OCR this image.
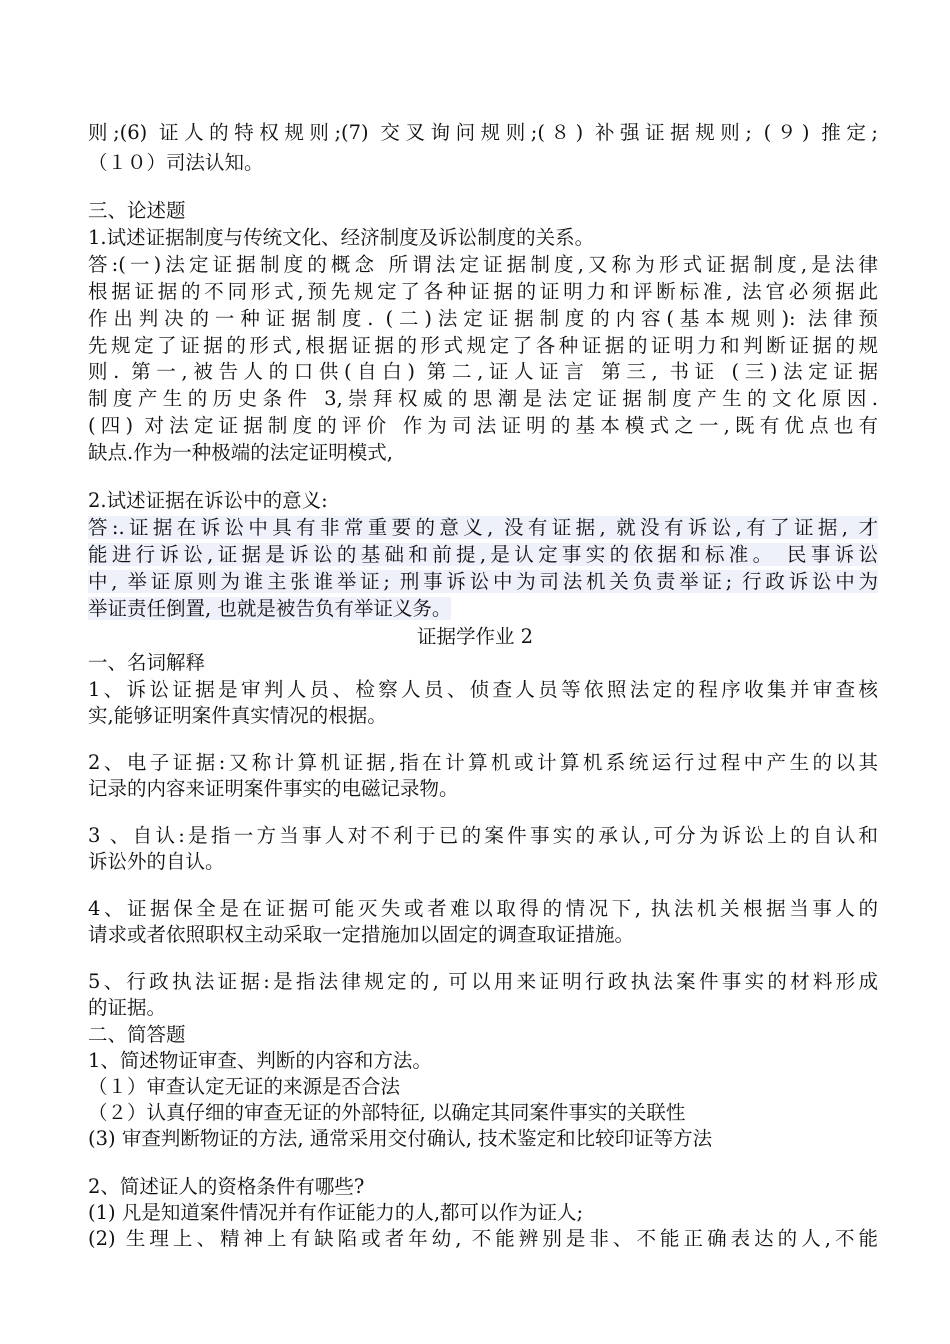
则;(6) 证人的特权规则;(7) 交叉询问规则;(８) 补强证据规则; (９) 推定;
（１０）司法认知。
三、论述题
1.试述证据制度与传统文化、经济制度及诉讼制度的关系。
答:(一)法定证据制度的概念 所谓法定证据制度,又称为形式证据制度,是法律
根据证据的不同形式,预先规定了各种证据的证明力和评断标准, 法官必须据此
作出判决的一种证据制度. (二)法定证据制度的内容(基本规则): 法律预
先规定了证据的形式,根据证据的形式规定了各种证据的证明力和判断证据的规
则. 第一,被告人的口供(自白) 第二,证人证言 第三, 书证 (三)法定证据
制度产生的历史条件 3,崇拜权威的思潮是法定证据制度产生的文化原因.
(四) 对法定证据制度的评价 作为司法证明的基本模式之一,既有优点也有
缺点.作为一种极端的法定证明模式,
2.试述证据在诉讼中的意义:
答:.证据在诉讼中具有非常重要的意义, 没有证据, 就没有诉讼,有了证据, 才
能进行诉讼,证据是诉讼的基础和前提,是认定事实的依据和标准。 民事诉讼
中, 举证原则为谁主张谁举证; 刑事诉讼中为司法机关负责举证; 行政诉讼中为
举证责任倒置, 也就是被告负有举证义务。
证据学作业 2
一、名词解释
1、诉讼证据是审判人员、检察人员、侦查人员等依照法定的程序收集并审查核
实,能够证明案件真实情况的根据。
2、电子证据:又称计算机证据,指在计算机或计算机系统运行过程中产生的以其
记录的内容来证明案件事实的电磁记录物。
3 、自认:是指一方当事人对不利于已的案件事实的承认,可分为诉讼上的自认和
诉讼外的自认。
4、证据保全是在证据可能灭失或者难以取得的情况下, 执法机关根据当事人的
请求或者依照职权主动采取一定措施加以固定的调查取证措施。
5、行政执法证据:是指法律规定的, 可以用来证明行政执法案件事实的材料形成
的证据。
二、简答题
1、简述物证审查、判断的内容和方法。
（１）审查认定无证的来源是否合法
（２）认真仔细的审查无证的外部特征, 以确定其同案件事实的关联性
(3) 审查判断物证的方法, 通常采用交付确认, 技术鉴定和比较印证等方法
2、简述证人的资格条件有哪些?
(1) 凡是知道案件情况并有作证能力的人,都可以作为证人;
(2) 生理上、精神上有缺陷或者年幼, 不能辨别是非、不能正确表达的人,不能
